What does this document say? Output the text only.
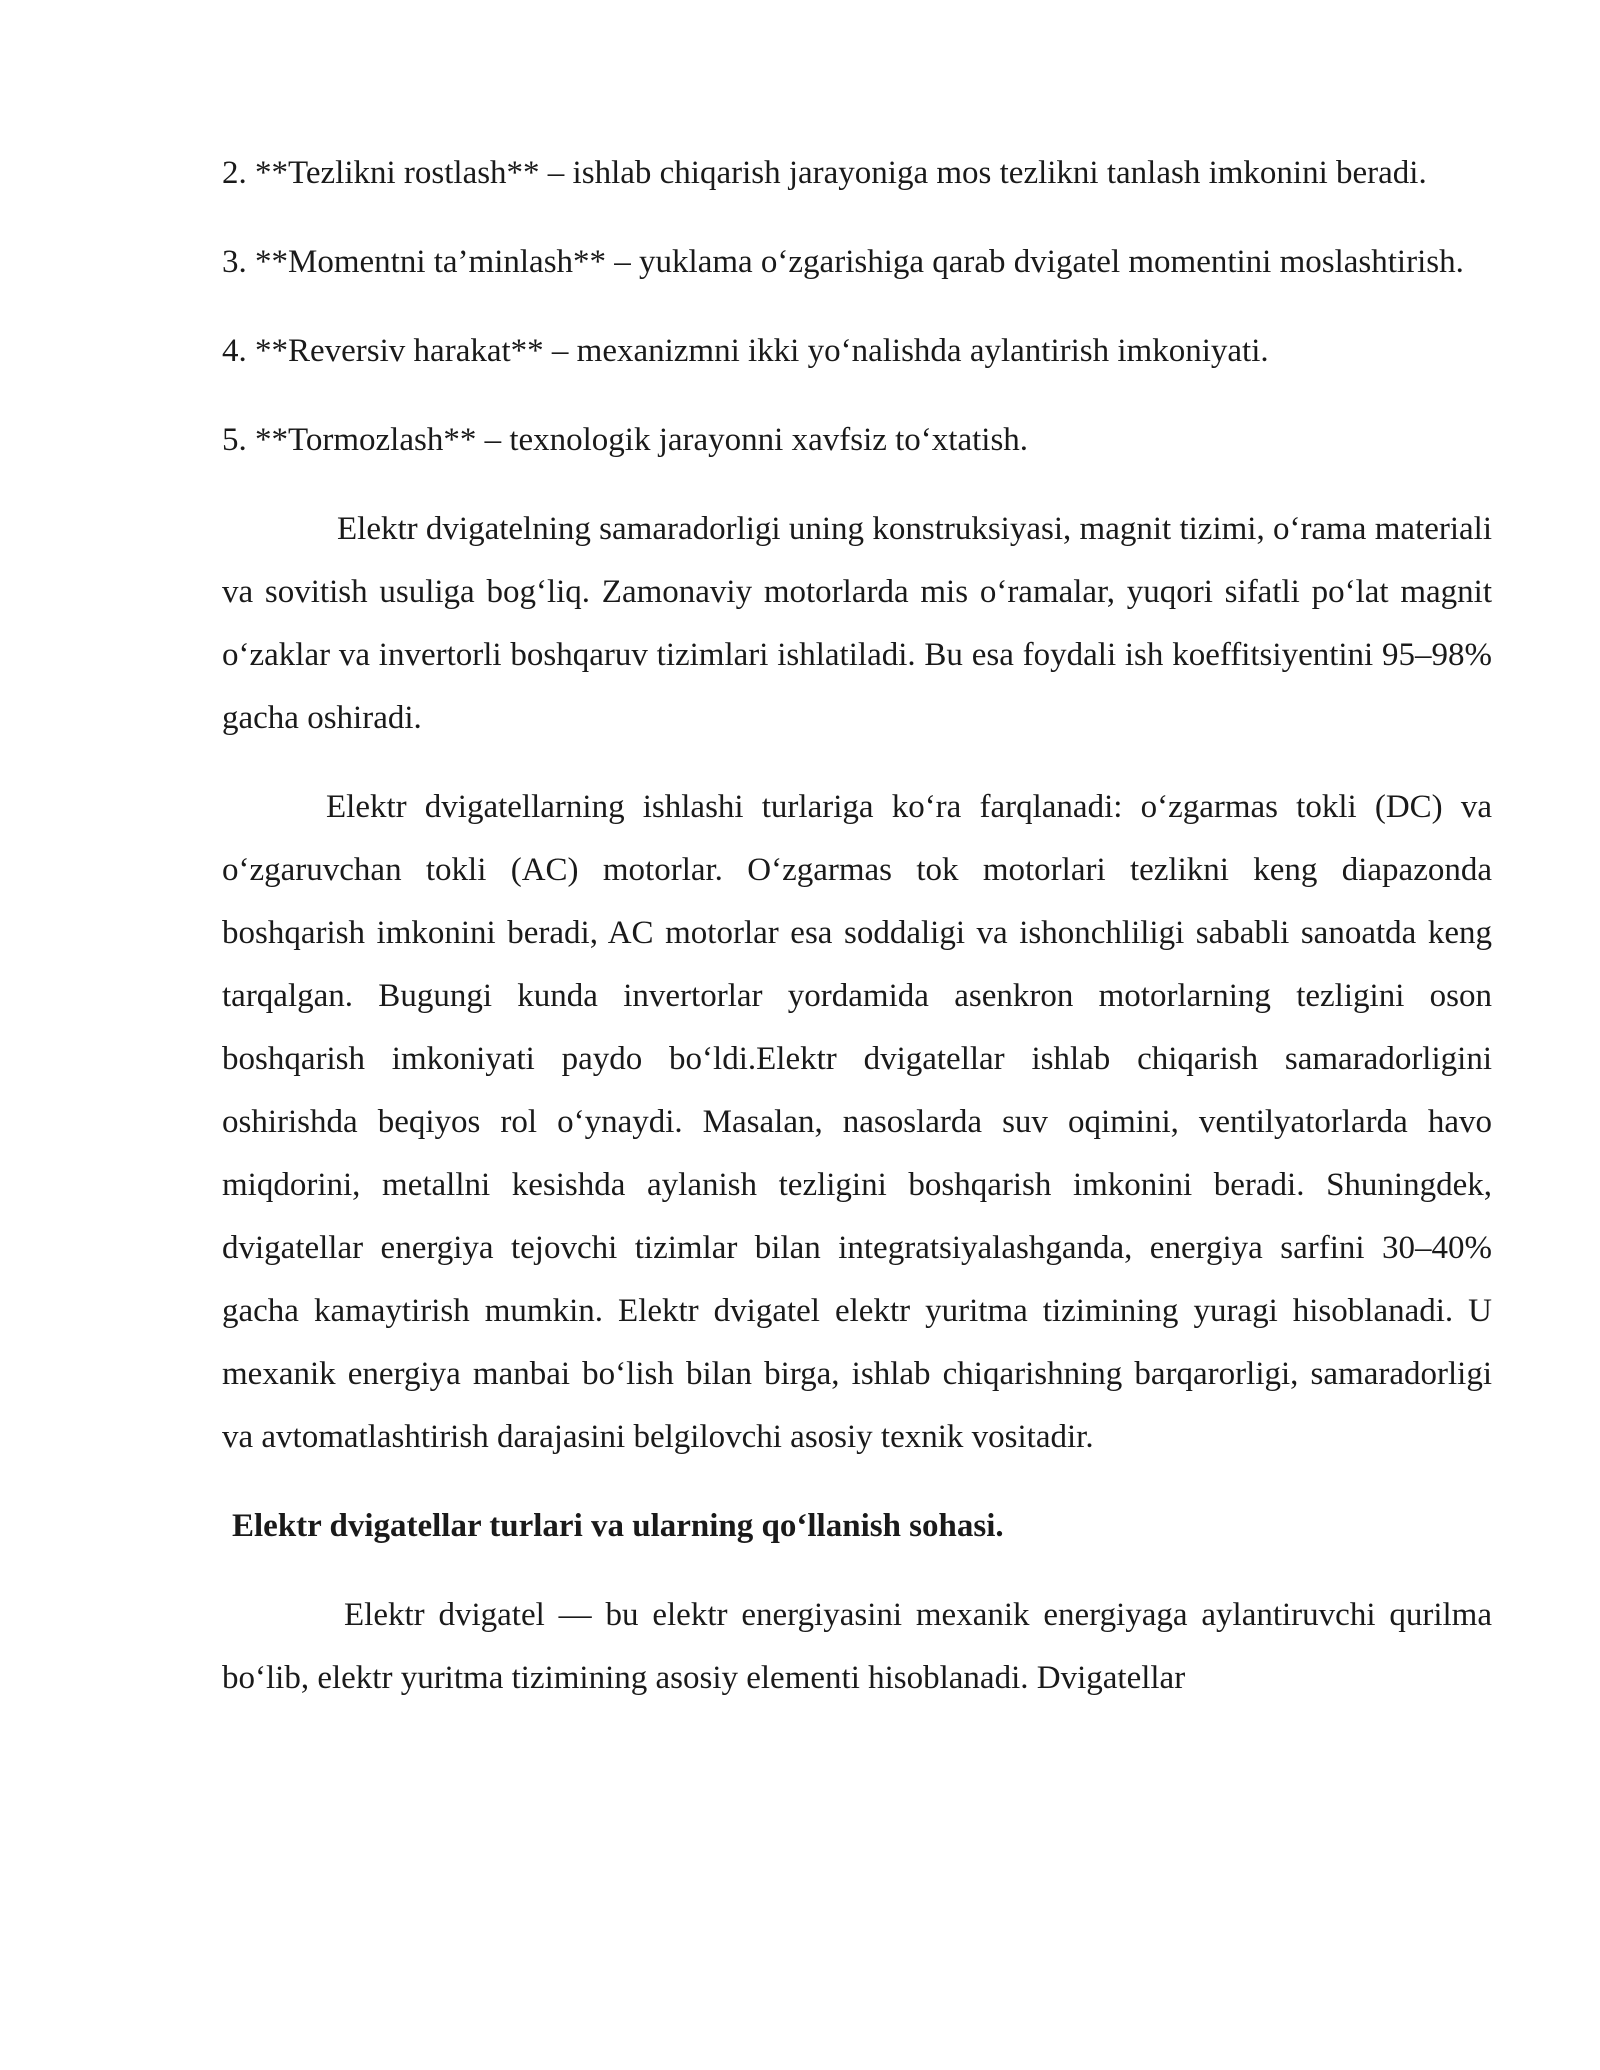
2. **Tezlikni rostlash** – ishlab chiqarish jarayoniga mos tezlikni tanlash imkonini beradi.

3. **Momentni ta’minlash** – yuklama o‘zgarishiga qarab dvigatel momentini moslashtirish.

4. **Reversiv harakat** – mexanizmni ikki yo‘nalishda aylantirish imkoniyati.

5. **Tormozlash** – texnologik jarayonni xavfsiz to‘xtatish.

Elektr dvigatelning samaradorligi uning konstruksiyasi, magnit tizimi, o‘rama materiali va sovitish usuliga bog‘liq. Zamonaviy motorlarda mis o‘ramalar, yuqori sifatli po‘lat magnit o‘zaklar va invertorli boshqaruv tizimlari ishlatiladi. Bu esa foydali ish koeffitsiyentini 95–98% gacha oshiradi.

Elektr dvigatellarning ishlashi turlariga ko‘ra farqlanadi: o‘zgarmas tokli (DC) va o‘zgaruvchan tokli (AC) motorlar. O‘zgarmas tok motorlari tezlikni keng diapazonda boshqarish imkonini beradi, AC motorlar esa soddaligi va ishonchliligi sababli sanoatda keng tarqalgan. Bugungi kunda invertorlar yordamida asenkron motorlarning tezligini oson boshqarish imkoniyati paydo bo‘ldi.Elektr dvigatellar ishlab chiqarish samaradorligini oshirishda beqiyos rol o‘ynaydi. Masalan, nasoslarda suv oqimini, ventilyatorlarda havo miqdorini, metallni kesishda aylanish tezligini boshqarish imkonini beradi. Shuningdek, dvigatellar energiya tejovchi tizimlar bilan integratsiyalashganda, energiya sarfini 30–40% gacha kamaytirish mumkin. Elektr dvigatel elektr yuritma tizimining yuragi hisoblanadi. U mexanik energiya manbai bo‘lish bilan birga, ishlab chiqarishning barqarorligi, samaradorligi va avtomatlashtirish darajasini belgilovchi asosiy texnik vositadir.

Elektr dvigatellar turlari va ularning qo‘llanish sohasi.

Elektr dvigatel — bu elektr energiyasini mexanik energiyaga aylantiruvchi qurilma bo‘lib, elektr yuritma tizimining asosiy elementi hisoblanadi. Dvigatellar
